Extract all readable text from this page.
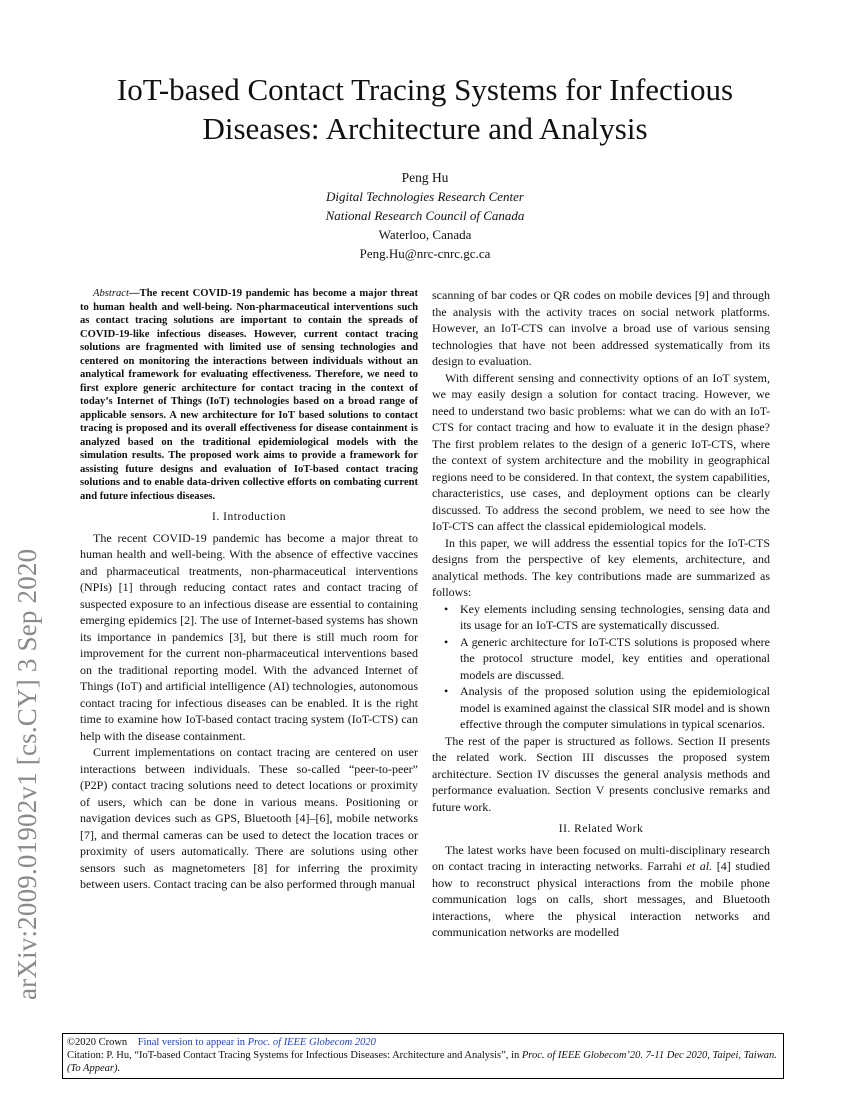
arXiv:2009.01902v1 [cs.CY] 3 Sep 2020
IoT-based Contact Tracing Systems for Infectious Diseases: Architecture and Analysis
Peng Hu
Digital Technologies Research Center
National Research Council of Canada
Waterloo, Canada
Peng.Hu@nrc-cnrc.gc.ca

Abstract—The recent COVID-19 pandemic has become a major threat to human health and well-being. Non-pharmaceutical interventions such as contact tracing solutions are important to contain the spreads of COVID-19-like infectious diseases. However, current contact tracing solutions are fragmented with limited use of sensing technologies and centered on monitoring the interactions between individuals without an analytical framework for evaluating effectiveness. Therefore, we need to first explore generic architecture for contact tracing in the context of today’s Internet of Things (IoT) technologies based on a broad range of applicable sensors. A new architecture for IoT based solutions to contact tracing is proposed and its overall effectiveness for disease containment is analyzed based on the traditional epidemiological models with the simulation results. The proposed work aims to provide a framework for assisting future designs and evaluation of IoT-based contact tracing solutions and to enable data-driven collective efforts on combating current and future infectious diseases.

I. Introduction

The recent COVID-19 pandemic has become a major threat to human health and well-being. With the absence of effective vaccines and pharmaceutical treatments, non-pharmaceutical interventions (NPIs) [1] through reducing contact rates and contact tracing of suspected exposure to an infectious disease are essential to containing emerging epidemics [2]. The use of Internet-based systems has shown its importance in pandemics [3], but there is still much room for improvement for the current non-pharmaceutical interventions based on the traditional reporting model. With the advanced Internet of Things (IoT) and artificial intelligence (AI) technologies, autonomous contact tracing for infectious diseases can be enabled. It is the right time to examine how IoT-based contact tracing system (IoT-CTS) can help with the disease containment.

Current implementations on contact tracing are centered on user interactions between individuals. These so-called “peer-to-peer” (P2P) contact tracing solutions need to detect locations or proximity of users, which can be done in various means. Positioning or navigation devices such as GPS, Bluetooth [4]–[6], mobile networks [7], and thermal cameras can be used to detect the location traces or proximity of users automatically. There are solutions using other sensors such as magnetometers [8] for inferring the proximity between users. Contact tracing can be also performed through manual

scanning of bar codes or QR codes on mobile devices [9] and through the analysis with the activity traces on social network platforms. However, an IoT-CTS can involve a broad use of various sensing technologies that have not been addressed systematically from its design to evaluation.

With different sensing and connectivity options of an IoT system, we may easily design a solution for contact tracing. However, we need to understand two basic problems: what we can do with an IoT-CTS for contact tracing and how to evaluate it in the design phase? The first problem relates to the design of a generic IoT-CTS, where the context of system architecture and the mobility in geographical regions need to be considered. In that context, the system capabilities, characteristics, use cases, and deployment options can be clearly discussed. To address the second problem, we need to see how the IoT-CTS can affect the classical epidemiological models.

In this paper, we will address the essential topics for the IoT-CTS designs from the perspective of key elements, architecture, and analytical methods. The key contributions made are summarized as follows:

• Key elements including sensing technologies, sensing data and its usage for an IoT-CTS are systematically discussed.
• A generic architecture for IoT-CTS solutions is proposed where the protocol structure model, key entities and operational models are discussed.
• Analysis of the proposed solution using the epidemiological model is examined against the classical SIR model and is shown effective through the computer simulations in typical scenarios.

The rest of the paper is structured as follows. Section II presents the related work. Section III discusses the proposed system architecture. Section IV discusses the general analysis methods and performance evaluation. Section V presents conclusive remarks and future work.

II. Related Work

The latest works have been focused on multi-disciplinary research on contact tracing in interacting networks. Farrahi et al. [4] studied how to reconstruct physical interactions from the mobile phone communication logs on calls, short messages, and Bluetooth interactions, where the physical interaction networks and communication networks are modelled

©2020 Crown Final version to appear in Proc. of IEEE Globecom 2020
Citation: P. Hu, “IoT-based Contact Tracing Systems for Infectious Diseases: Architecture and Analysis”, in Proc. of IEEE Globecom’20. 7-11 Dec 2020, Taipei, Taiwan. (To Appear).
